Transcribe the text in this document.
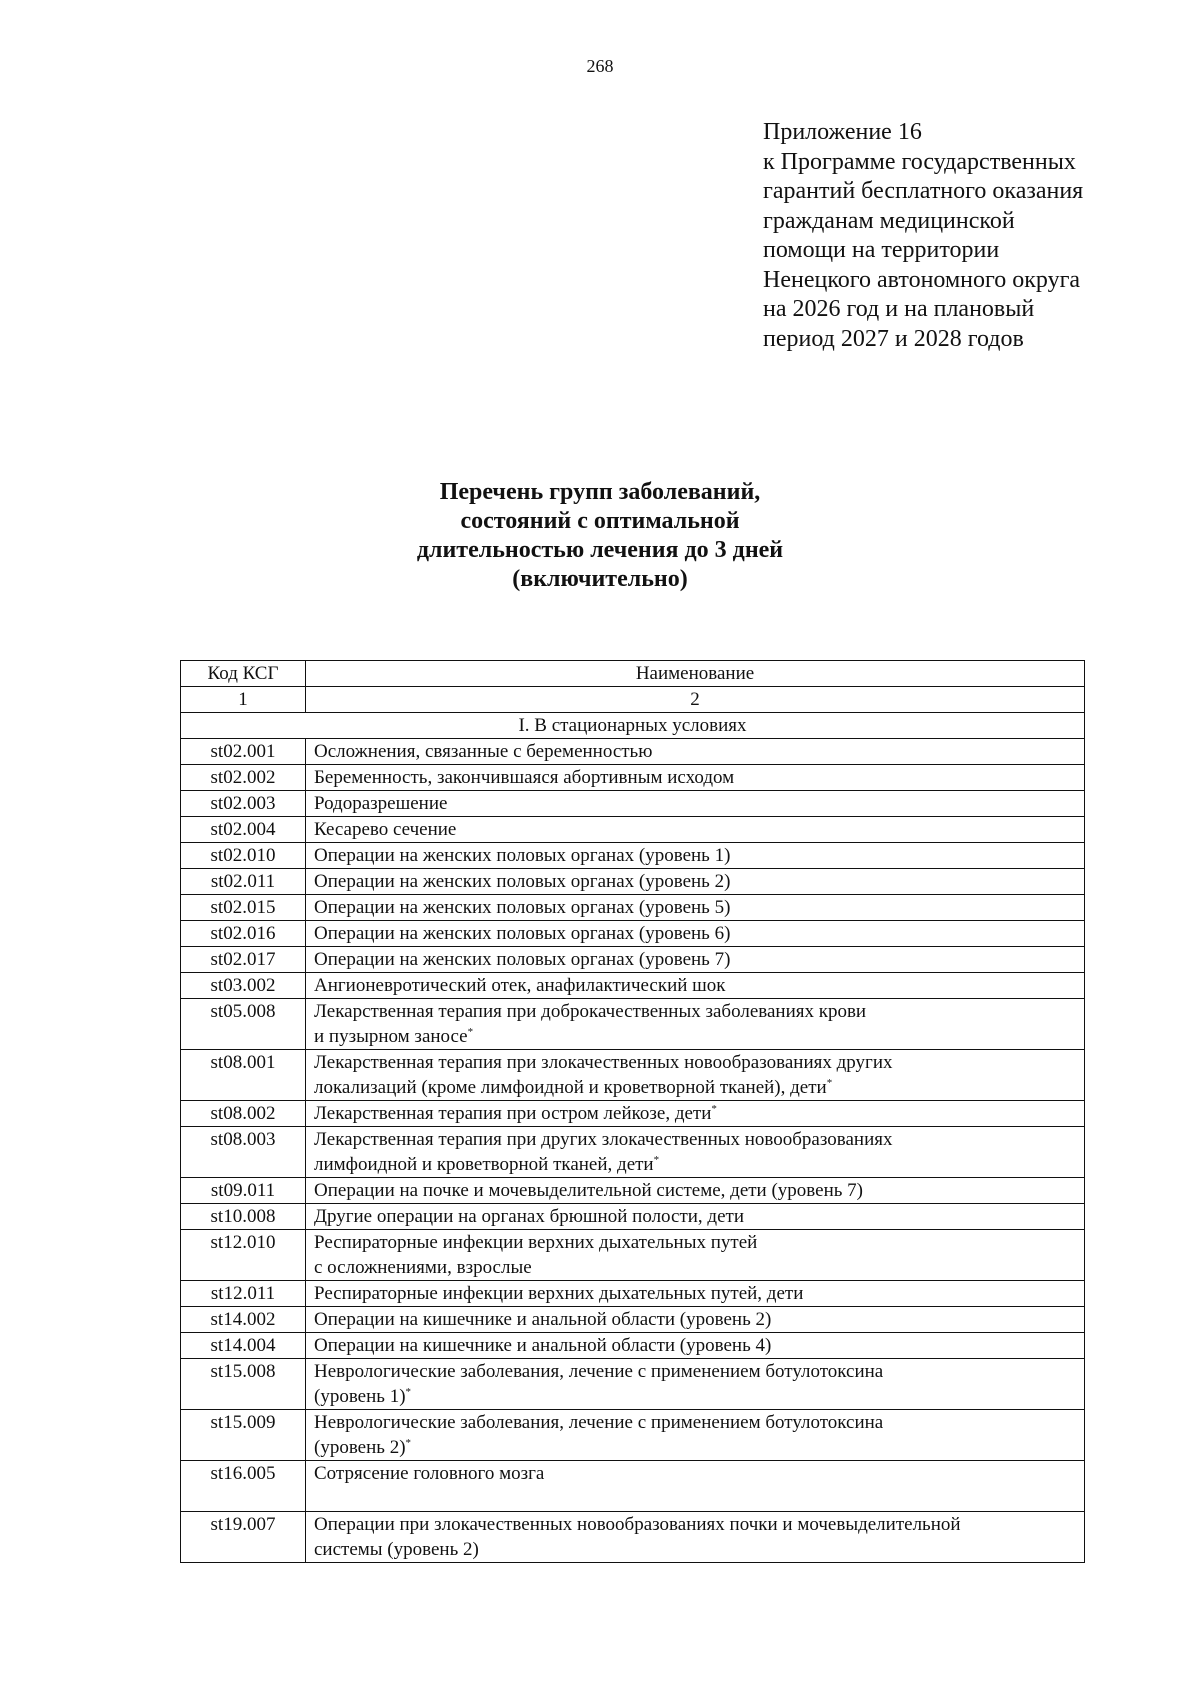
268
Приложение 16
к Программе государственных
гарантий бесплатного оказания
гражданам медицинской
помощи на территории
Ненецкого автономного округа
на 2026 год и на плановый
период 2027 и 2028 годов
Перечень групп заболеваний,
состояний с оптимальной
длительностью лечения до 3 дней
(включительно)
Код КСГ	Наименование
1	2
I. В стационарных условиях	
st02.001	Осложнения, связанные с беременностью

st02.002	Беременность, закончившаяся абортивным исходом

st02.003	Родоразрешение

st02.004	Кесарево сечение

st02.010	Операции на женских половых органах (уровень 1)

st02.011	Операции на женских половых органах (уровень 2)

st02.015	Операции на женских половых органах (уровень 5)

st02.016	Операции на женских половых органах (уровень 6)

st02.017	Операции на женских половых органах (уровень 7)

st03.002	Ангионевротический отек, анафилактический шок

st05.008	Лекарственная терапия при доброкачественных заболеваниях крови
и пузырном заносе*

st08.001	Лекарственная терапия при злокачественных новообразованиях других
локализаций (кроме лимфоидной и кроветворной тканей), дети*

st08.002	Лекарственная терапия при остром лейкозе, дети*

st08.003	Лекарственная терапия при других злокачественных новообразованиях
лимфоидной и кроветворной тканей, дети*

st09.011	Операции на почке и мочевыделительной системе, дети (уровень 7)

st10.008	Другие операции на органах брюшной полости, дети

st12.010	Респираторные инфекции верхних дыхательных путей
с осложнениями, взрослые

st12.011	Респираторные инфекции верхних дыхательных путей, дети

st14.002	Операции на кишечнике и анальной области (уровень 2)

st14.004	Операции на кишечнике и анальной области (уровень 4)

st15.008	Неврологические заболевания, лечение с применением ботулотоксина
(уровень 1)*

st15.009	Неврологические заболевания, лечение с применением ботулотоксина
(уровень 2)*

st16.005	Сотрясение головного мозга

st19.007	Операции при злокачественных новообразованиях почки и мочевыделительной
системы (уровень 2)
